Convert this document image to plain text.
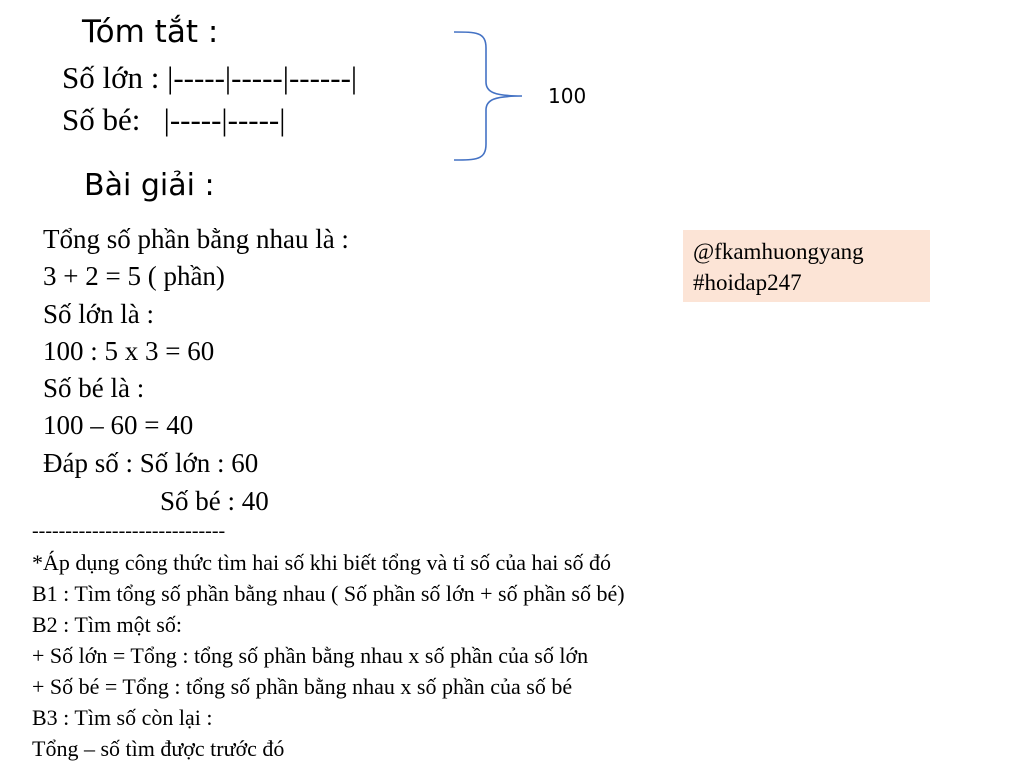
Tóm tắt :
Số lớn : |-----|-----|------|
Số bé:   |-----|-----|
100
Bài giải :
Tổng số phần bằng nhau là :
3 + 2 = 5 ( phần)
Số lớn là :
100 : 5 x 3 = 60
Số bé là :
100 – 60 = 40
Đáp số : Số lớn : 60
Số bé : 40
@fkamhuongyang
#hoidap247
-----------------------------
*Áp dụng công thức tìm hai số khi biết tổng và tỉ số của hai số đó
B1 : Tìm tổng số phần bằng nhau ( Số phần số lớn + số phần số bé)
B2 : Tìm một số:
+ Số lớn = Tổng : tổng số phần bằng nhau x số phần của số lớn
+ Số bé = Tổng : tổng số phần bằng nhau x số phần của số bé
B3 : Tìm số còn lại :
Tổng – số tìm được trước đó
